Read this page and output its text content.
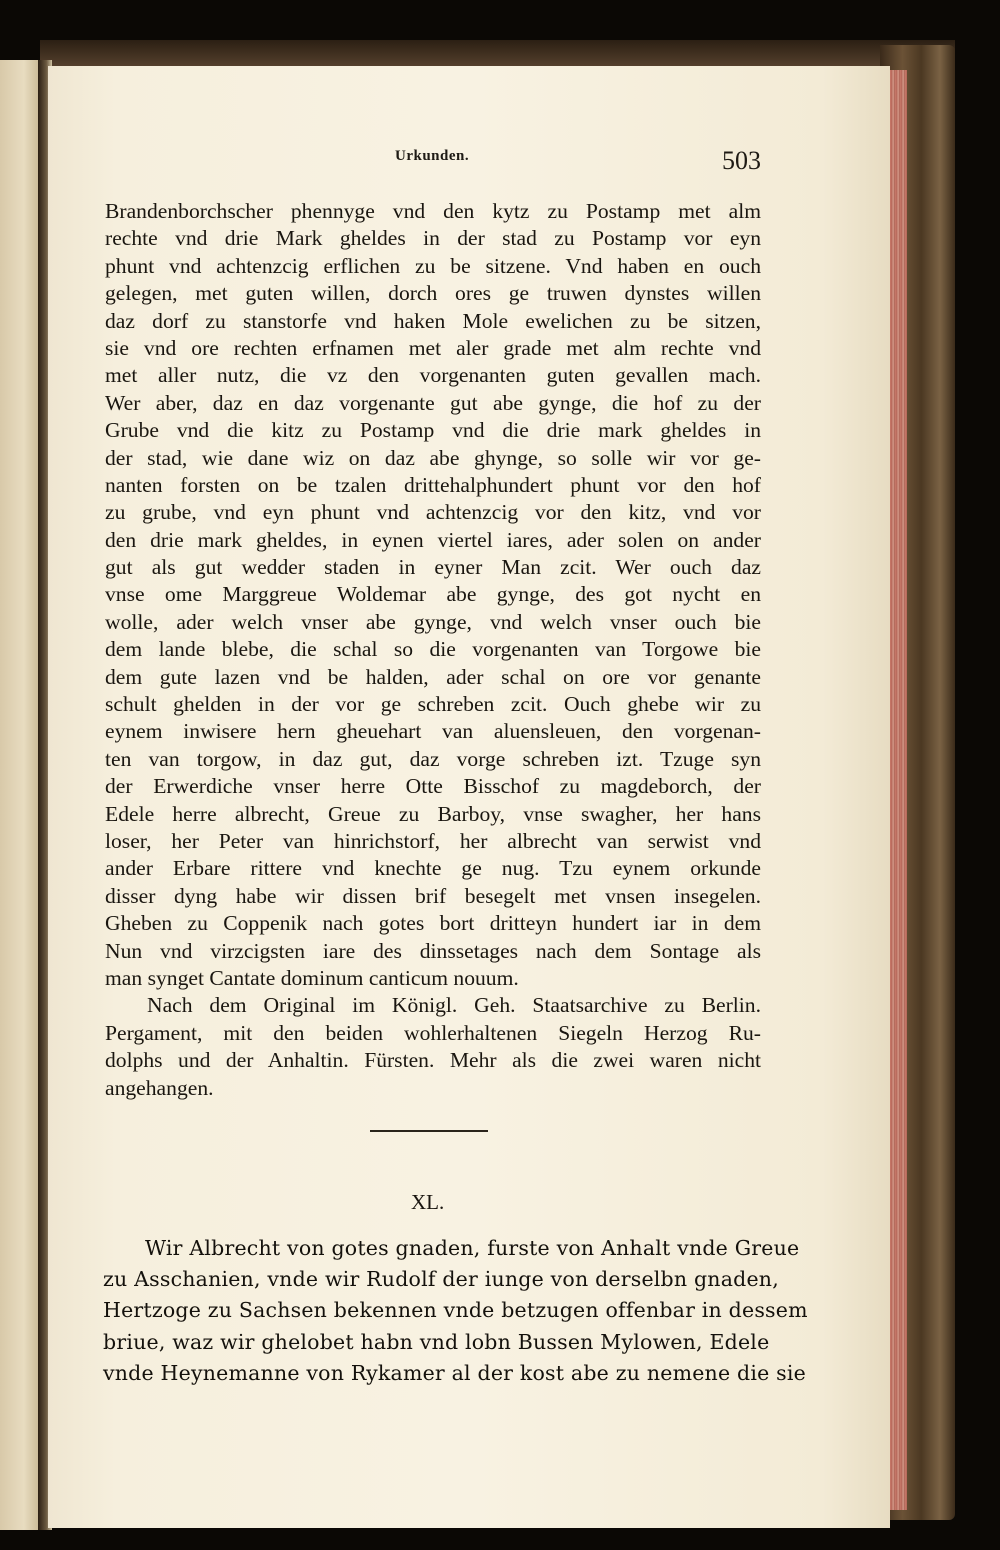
Urkunden.	503
Brandenborchscher phennyge vnd den kytz zu Postamp met alm
rechte vnd drie Mark gheldes in der stad zu Postamp vor eyn
phunt vnd achtenzcig erflichen zu be sitzene. Vnd haben en ouch
gelegen, met guten willen, dorch ores ge truwen dynstes willen
daz dorf zu stanstorfe vnd haken Mole ewelichen zu be sitzen,
sie vnd ore rechten erfnamen met aler grade met alm rechte vnd
met aller nutz, die vz den vorgenanten guten gevallen mach.
Wer aber, daz en daz vorgenante gut abe gynge, die hof zu der
Grube vnd die kitz zu Postamp vnd die drie mark gheldes in
der stad, wie dane wiz on daz abe ghynge, so solle wir vor ge-
nanten forsten on be tzalen drittehalphundert phunt vor den hof
zu grube, vnd eyn phunt vnd achtenzcig vor den kitz, vnd vor
den drie mark gheldes, in eynen viertel iares, ader solen on ander
gut als gut wedder staden in eyner Man zcit. Wer ouch daz
vnse ome Marggreue Woldemar abe gynge, des got nycht en
wolle, ader welch vnser abe gynge, vnd welch vnser ouch bie
dem lande blebe, die schal so die vorgenanten van Torgowe bie
dem gute lazen vnd be halden, ader schal on ore vor genante
schult ghelden in der vor ge schreben zcit. Ouch ghebe wir zu
eynem inwisere hern gheuehart van aluensleuen, den vorgenan-
ten van torgow, in daz gut, daz vorge schreben izt. Tzuge syn
der Erwerdiche vnser herre Otte Bisschof zu magdeborch, der
Edele herre albrecht, Greue zu Barboy, vnse swagher, her hans
loser, her Peter van hinrichstorf, her albrecht van serwist vnd
ander Erbare rittere vnd knechte ge nug. Tzu eynem orkunde
disser dyng habe wir dissen brif besegelt met vnsen insegelen.
Gheben zu Coppenik nach gotes bort dritteyn hundert iar in dem
Nun vnd virzcigsten iare des dinssetages nach dem Sontage als
man synget Cantate dominum canticum nouum.
Nach dem Original im Königl. Geh. Staatsarchive zu Berlin.
Pergament, mit den beiden wohlerhaltenen Siegeln Herzog Ru-
dolphs und der Anhaltin. Fürsten. Mehr als die zwei waren nicht
angehangen.
XL.
Wir Albrecht von gotes gnaden, furste von Anhalt vnde Greue
zu Asschanien, vnde wir Rudolf der iunge von derselbn gnaden,
Hertzoge zu Sachsen bekennen vnde betzugen offenbar in dessem
briue, waz wir ghelobet habn vnd lobn Bussen Mylowen, Edele
vnde Heynemanne von Rykamer al der kost abe zu nemene die sie
